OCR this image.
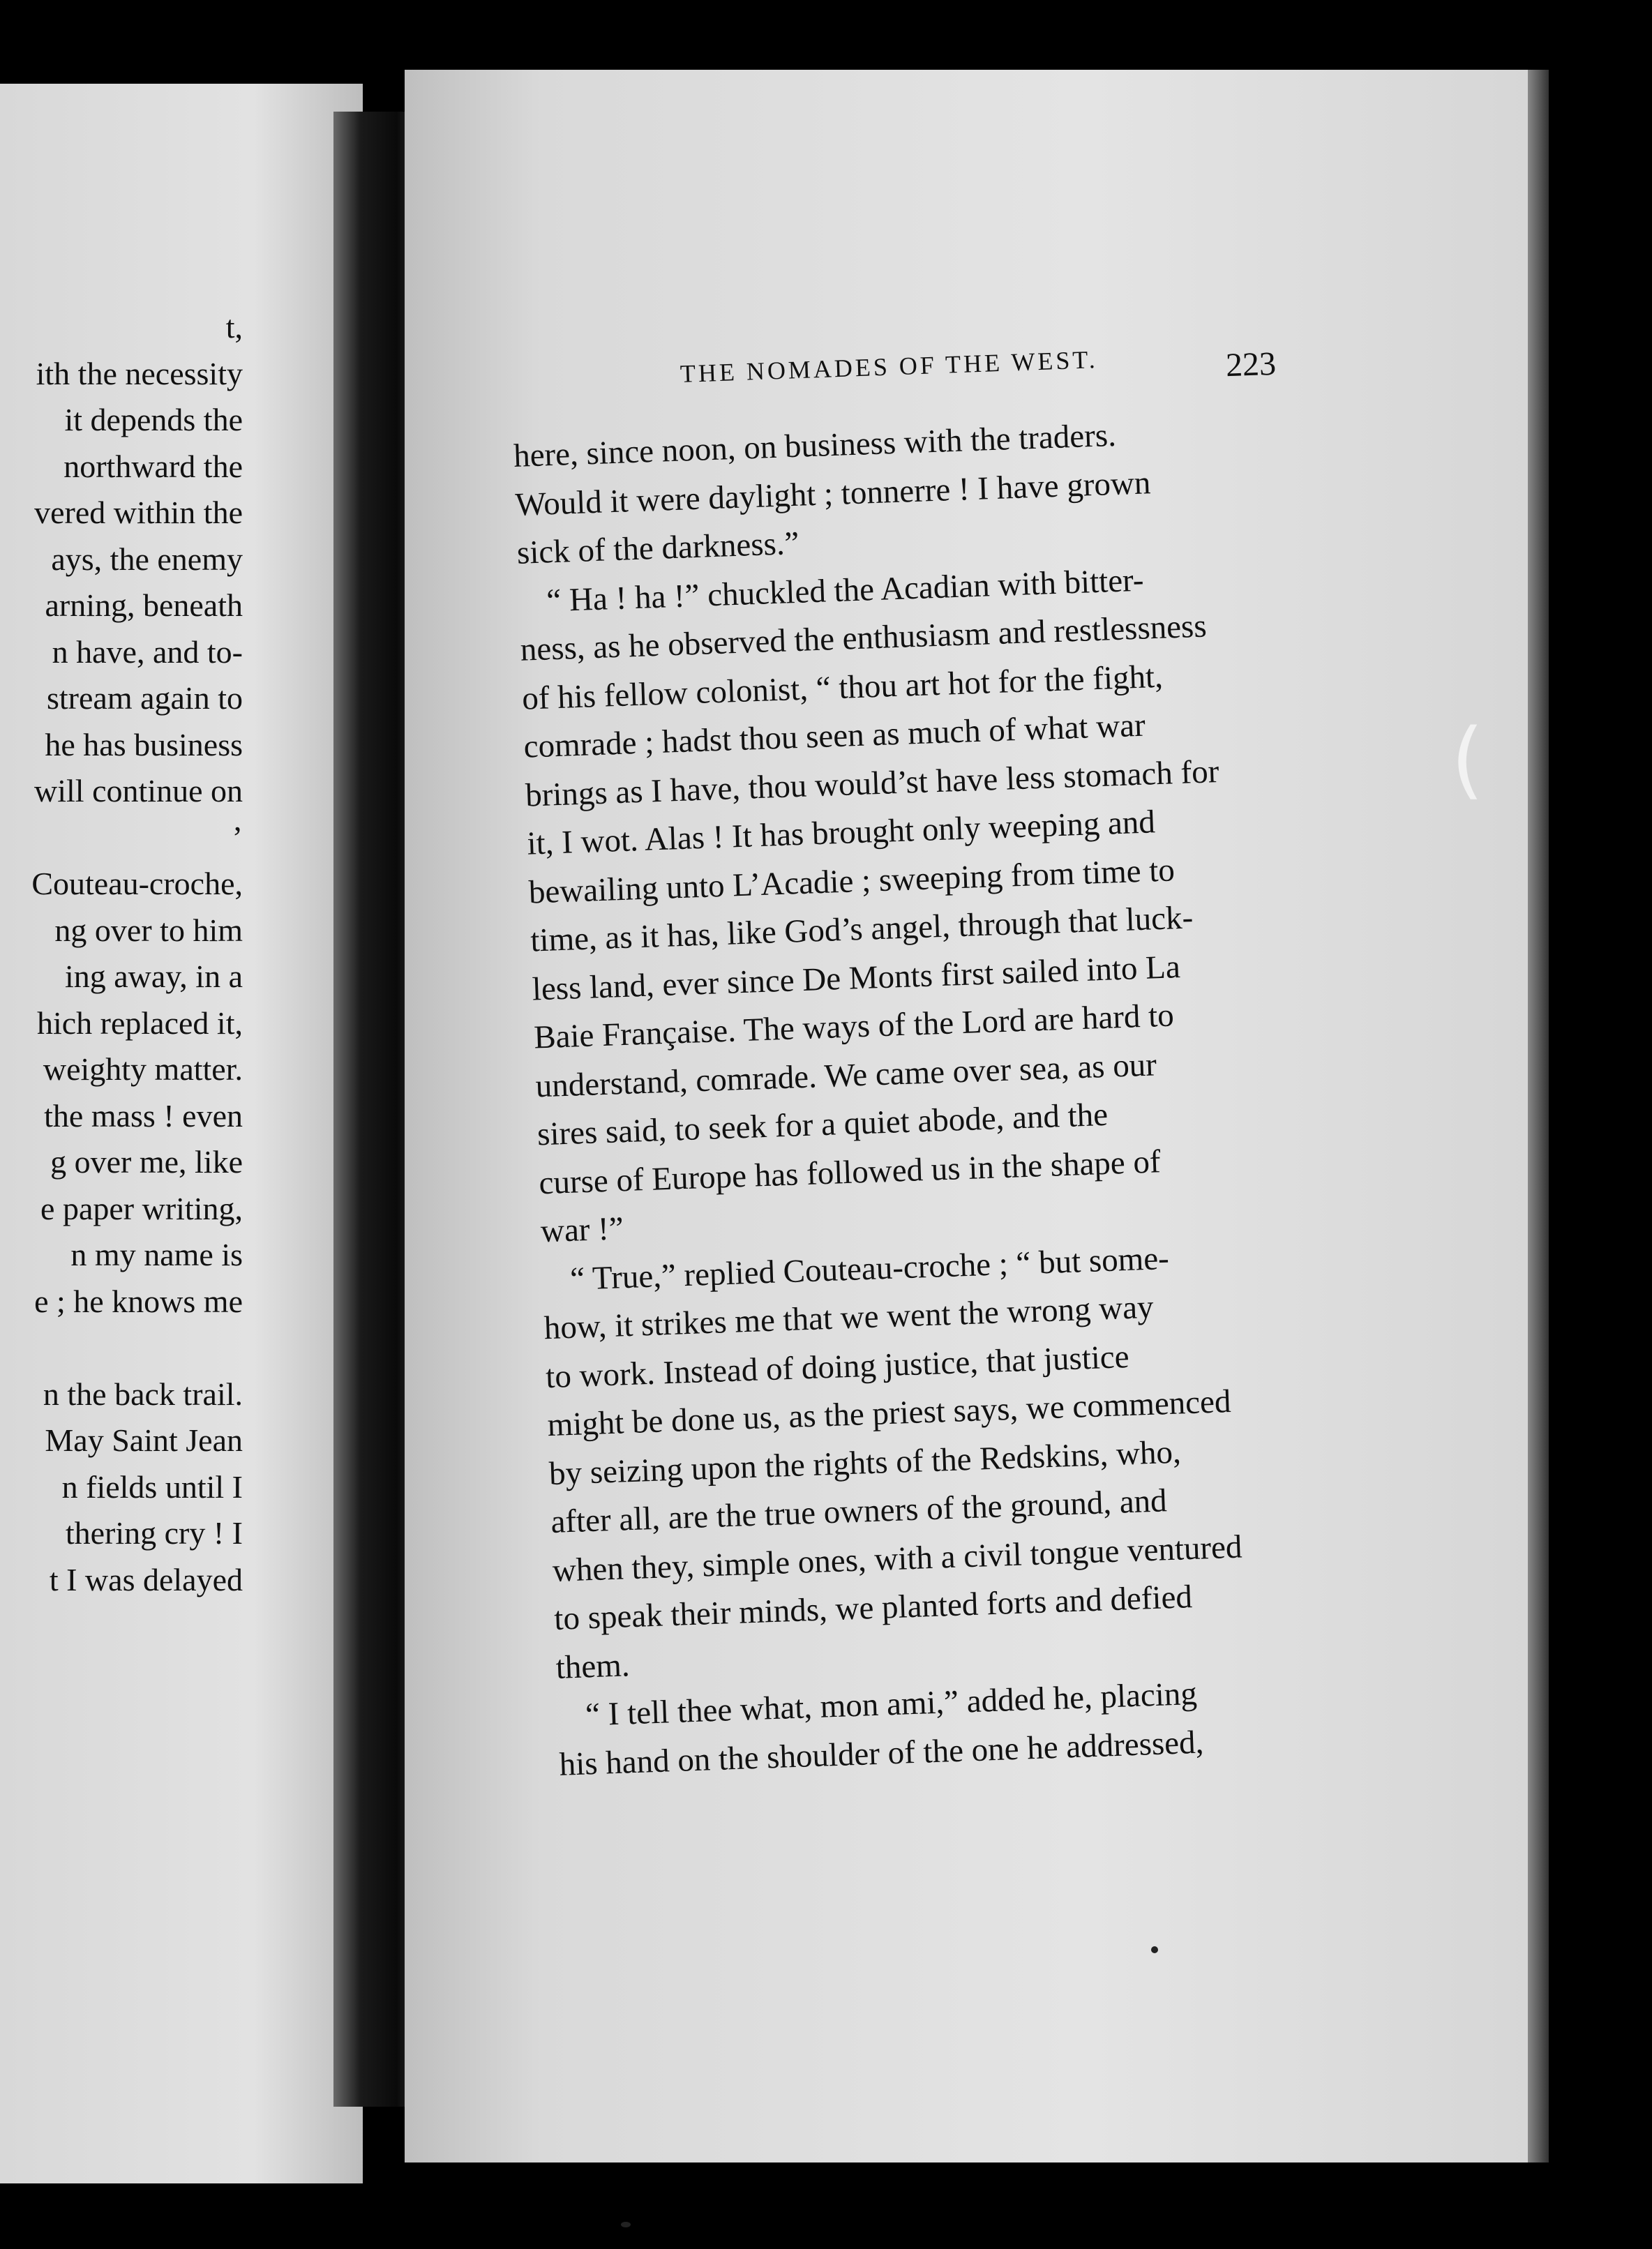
t,
ith the necessity
it depends the
northward the
vered within the
ays, the enemy
arning, beneath
n have, and to-
stream again to
he has business
will continue on
’
Couteau-croche,
ng over to him
ing away, in a
hich replaced it,
weighty matter.
the mass ! even
g over me, like
e paper writing,
n my name is
e ; he knows me
n the back trail.
May Saint Jean
n fields until I
thering cry ! I
t I was delayed
THE NOMADES OF THE WEST.	223
here, since noon, on business with the traders.
Would it were daylight ; tonnerre ! I have grown
sick of the darkness.”
“ Ha ! ha !” chuckled the Acadian with bitter-
ness, as he observed the enthusiasm and restlessness
of his fellow colonist, “ thou art hot for the fight,
comrade ; hadst thou seen as much of what war
brings as I have, thou would’st have less stomach for
it, I wot. Alas ! It has brought only weeping and
bewailing unto L’Acadie ; sweeping from time to
time, as it has, like God’s angel, through that luck-
less land, ever since De Monts first sailed into La
Baie Française. The ways of the Lord are hard to
understand, comrade. We came over sea, as our
sires said, to seek for a quiet abode, and the
curse of Europe has followed us in the shape of
war !”
“ True,” replied Couteau-croche ; “ but some-
how, it strikes me that we went the wrong way
to work. Instead of doing justice, that justice
might be done us, as the priest says, we commenced
by seizing upon the rights of the Redskins, who,
after all, are the true owners of the ground, and
when they, simple ones, with a civil tongue ventured
to speak their minds, we planted forts and defied
them.
“ I tell thee what, mon ami,” added he, placing
his hand on the shoulder of the one he addressed,
(
